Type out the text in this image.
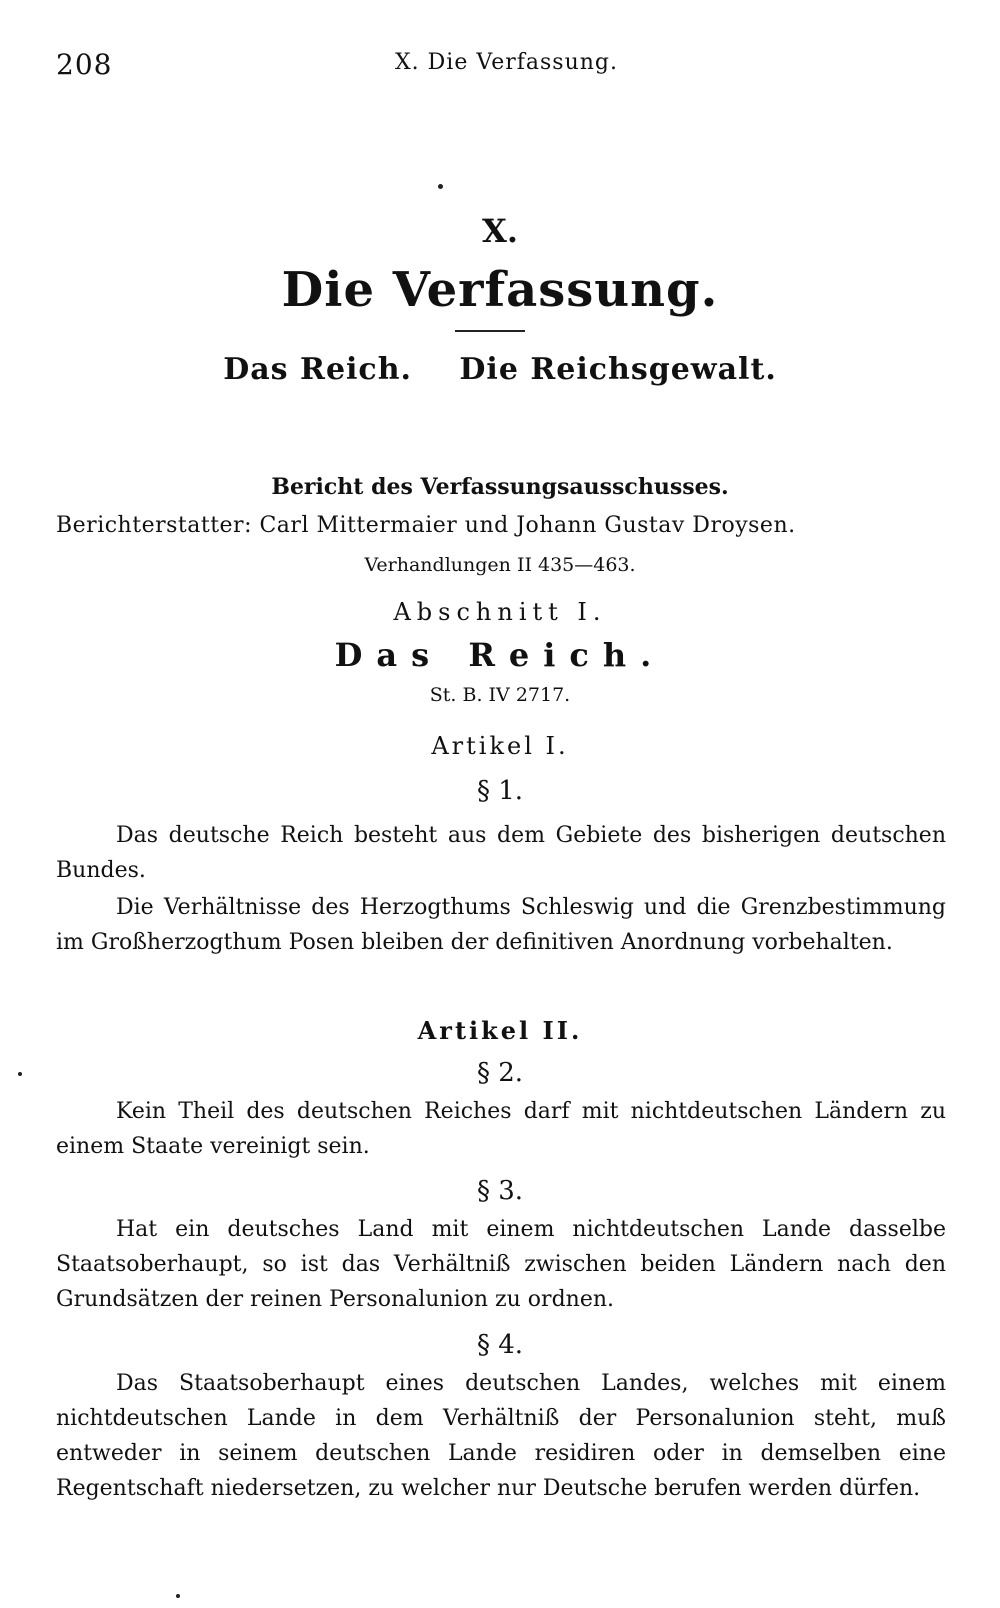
208	X. Die Verfassung.
X.
Die Verfassung.
Das Reich. Die Reichsgewalt.
Bericht des Verfassungsausschusses.
Berichterstatter: Carl Mittermaier und Johann Gustav Droysen.
Verhandlungen II 435—463.
Abschnitt I.
Das Reich.
St. B. IV 2717.
Artikel I.
§ 1.
Das deutsche Reich besteht aus dem Gebiete des bisherigen deutschen Bundes.
Die Verhältnisse des Herzogthums Schleswig und die Grenzbestimmung im Großherzogthum Posen bleiben der definitiven Anordnung vorbehalten.
Artikel II.
§ 2.
Kein Theil des deutschen Reiches darf mit nichtdeutschen Ländern zu einem Staate vereinigt sein.
§ 3.
Hat ein deutsches Land mit einem nichtdeutschen Lande dasselbe Staatsoberhaupt, so ist das Verhältniß zwischen beiden Ländern nach den Grundsätzen der reinen Personalunion zu ordnen.
§ 4.
Das Staatsoberhaupt eines deutschen Landes, welches mit einem nichtdeutschen Lande in dem Verhältniß der Personalunion steht, muß entweder in seinem deutschen Lande residiren oder in demselben eine Regentschaft niedersetzen, zu welcher nur Deutsche berufen werden dürfen.
